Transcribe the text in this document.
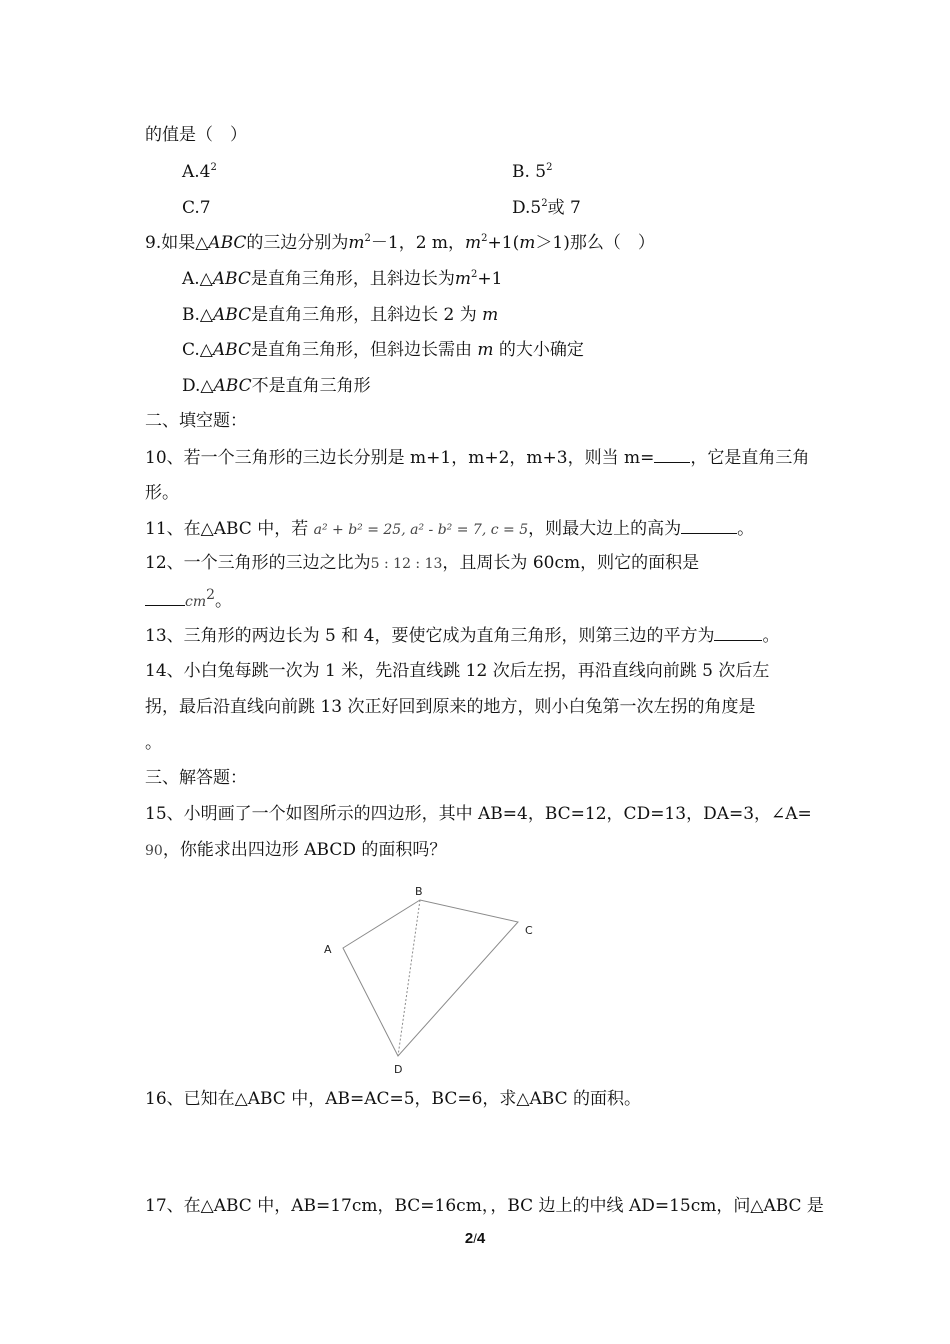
的值是（　）
$A.4^2$	B. $5^2$
C.7	$D.5^2$或 7
9.如果△ABC的三边分别为$m^2-1$，2 m，$m^2+1(m>1)$那么（　）
A.△ABC是直角三角形，且斜边长为$m^2+1$
B.△ABC是直角三角形，且斜边长 2 为 m
C.△ABC是直角三角形，但斜边长需由 m 的大小确定
D.△ABC不是直角三角形
二、填空题：
10、若一个三角形的三边长分别是 m+1，m+2，m+3，则当 m= ，它是直角三角
形。
11、在△ABC 中，若 a² + b² = 25, a² - b² = 7, c = 5，则最大边上的高为	。
12、一个三角形的三边之比为5 : 12 : 13，且周长为 60cm，则它的面积是
$cm^2$。
13、三角形的两边长为 5 和 4，要使它成为直角三角形，则第三边的平方为	。
14、小白兔每跳一次为 1 米，先沿直线跳 12 次后左拐，再沿直线向前跳 5 次后左
拐，最后沿直线向前跳 13 次正好回到原来的地方，则小白兔第一次左拐的角度是
。
三、解答题：
15、小明画了一个如图所示的四边形，其中 AB=4，BC=12，CD=13，DA=3，∠A=
90，你能求出四边形 ABCD 的面积吗？
B
C
A
D
16、已知在△ABC 中，AB=AC=5，BC=6，求△ABC 的面积。
17、在△ABC 中，AB=17cm，BC=16cm，，BC 边上的中线 AD=15cm，问△ABC 是
2/4
